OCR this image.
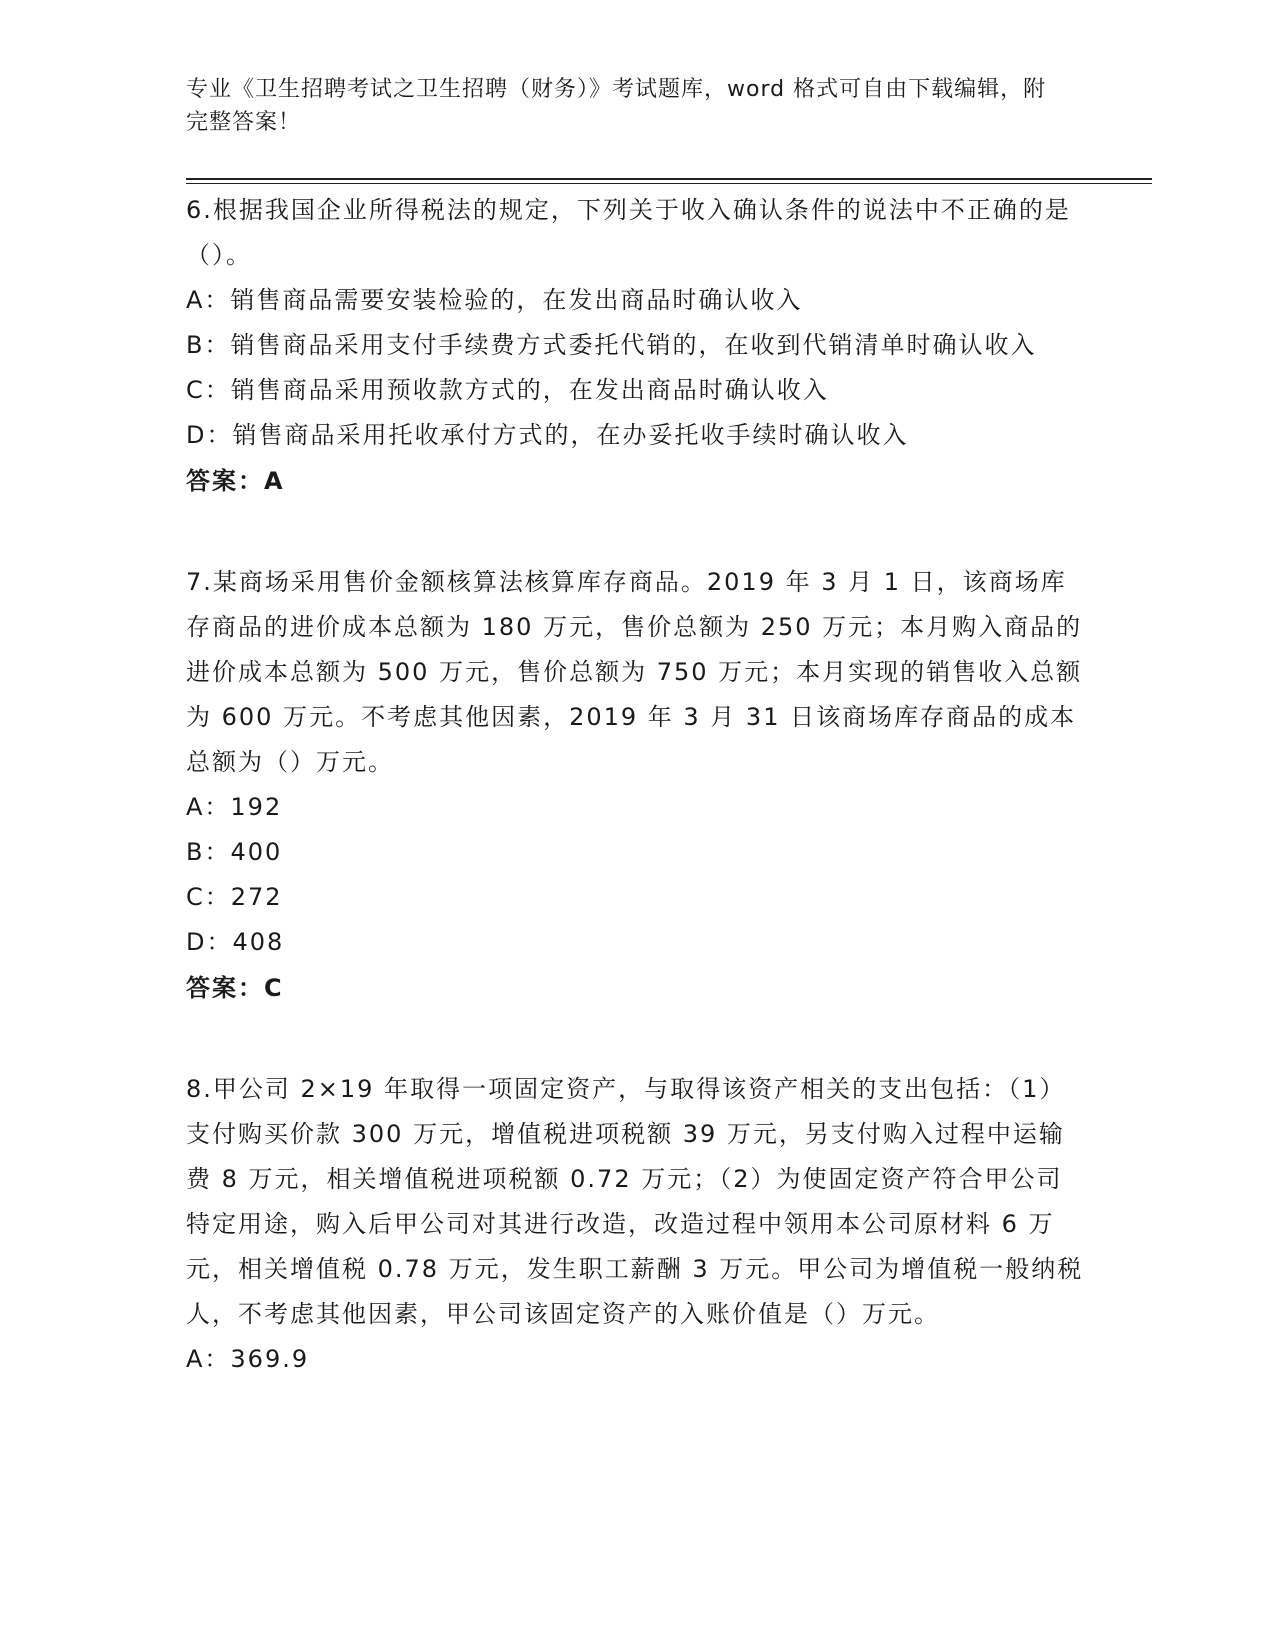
专业《卫生招聘考试之卫生招聘（财务）》考试题库，word 格式可自由下载编辑，附完整答案！

6.根据我国企业所得税法的规定，下列关于收入确认条件的说法中不正确的是（）。

A：销售商品需要安装检验的，在发出商品时确认收入

B：销售商品采用支付手续费方式委托代销的，在收到代销清单时确认收入

C：销售商品采用预收款方式的，在发出商品时确认收入

D：销售商品采用托收承付方式的，在办妥托收手续时确认收入

答案：A

7.某商场采用售价金额核算法核算库存商品。2019 年 3 月 1 日，该商场库存商品的进价成本总额为 180 万元，售价总额为 250 万元；本月购入商品的进价成本总额为 500 万元，售价总额为 750 万元；本月实现的销售收入总额为 600 万元。不考虑其他因素，2019 年 3 月 31 日该商场库存商品的成本总额为（）万元。

A：192

B：400

C：272

D：408

答案：C

8.甲公司 2×19 年取得一项固定资产，与取得该资产相关的支出包括：（1）支付购买价款 300 万元，增值税进项税额 39 万元，另支付购入过程中运输费 8 万元，相关增值税进项税额 0.72 万元；（2）为使固定资产符合甲公司特定用途，购入后甲公司对其进行改造，改造过程中领用本公司原材料 6 万元，相关增值税 0.78 万元，发生职工薪酬 3 万元。甲公司为增值税一般纳税人，不考虑其他因素，甲公司该固定资产的入账价值是（）万元。

A：369.9
